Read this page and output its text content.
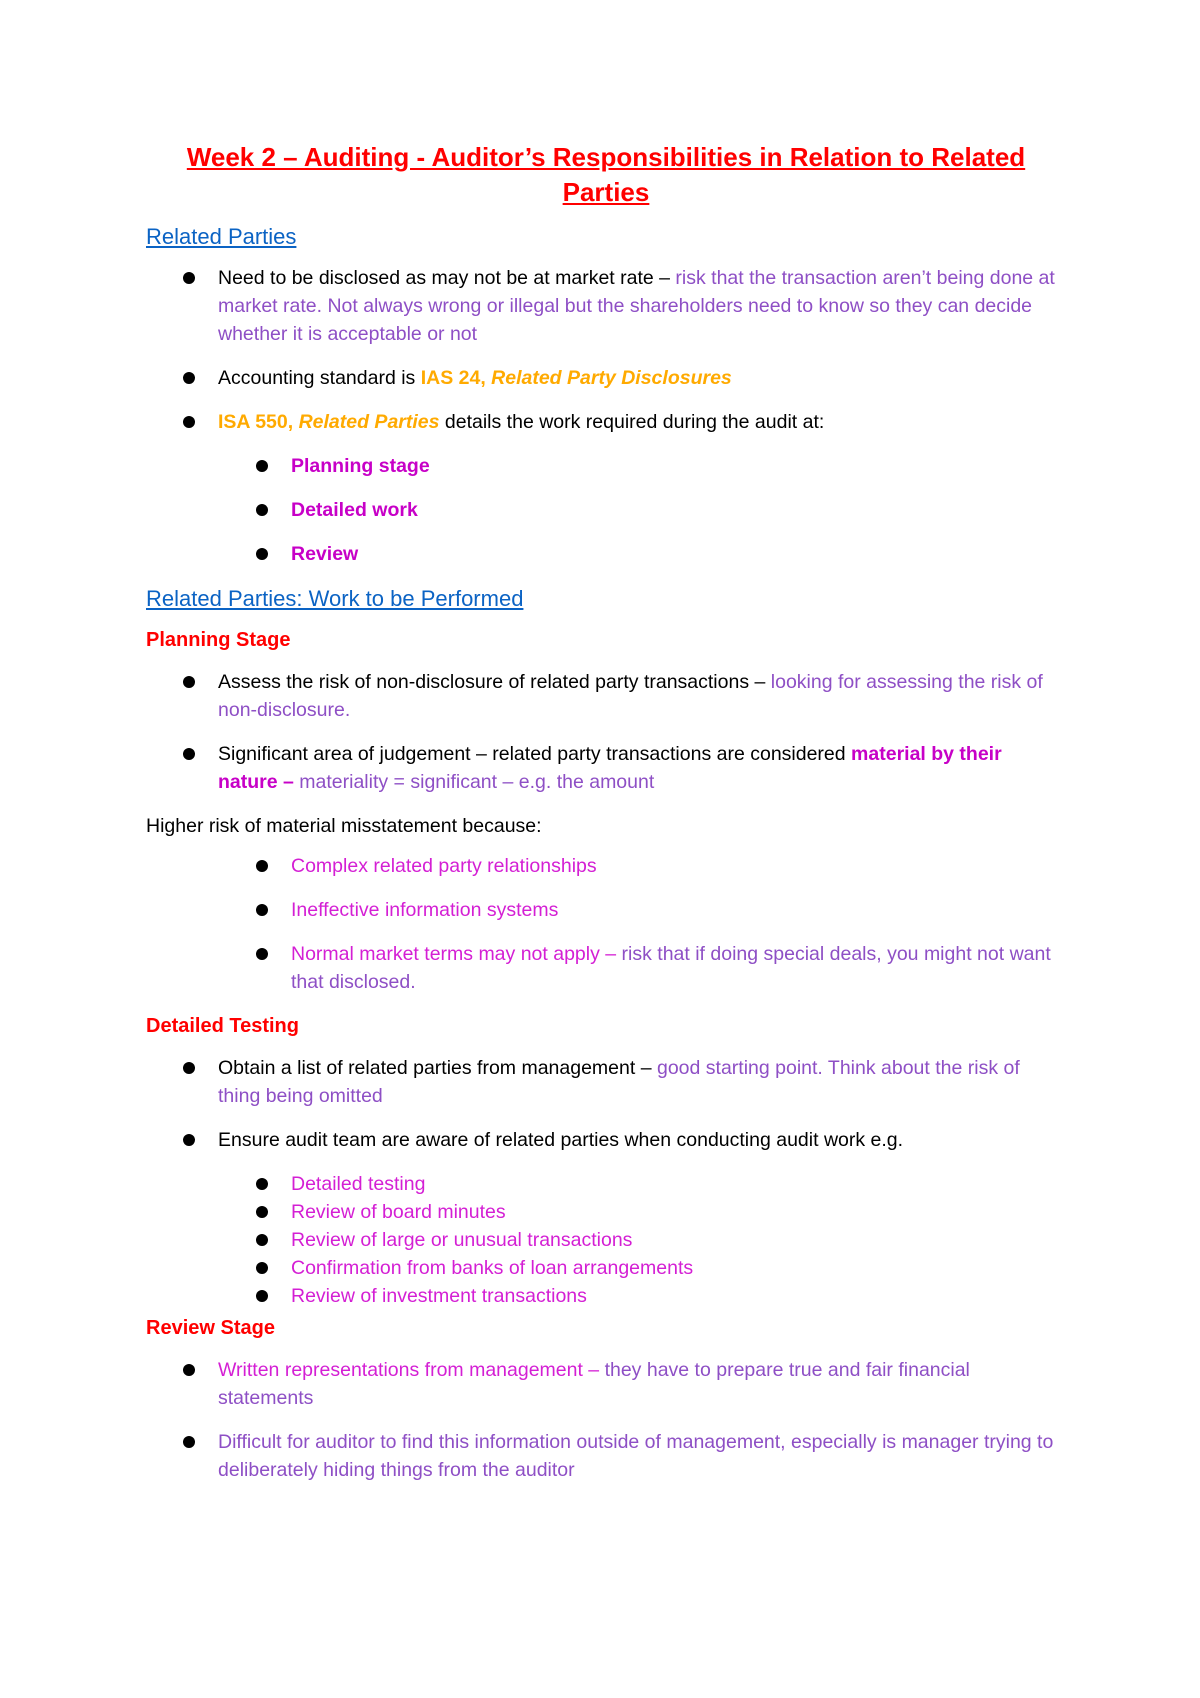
Week 2 – Auditing - Auditor’s Responsibilities in Relation to Related Parties
Related Parties
Need to be disclosed as may not be at market rate – risk that the transaction aren’t being done at market rate. Not always wrong or illegal but the shareholders need to know so they can decide whether it is acceptable or not
Accounting standard is IAS 24, Related Party Disclosures
ISA 550, Related Parties details the work required during the audit at:
Planning stage
Detailed work
Review
Related Parties: Work to be Performed
Planning Stage
Assess the risk of non-disclosure of related party transactions – looking for assessing the risk of non-disclosure.
Significant area of judgement – related party transactions are considered material by their nature – materiality = significant – e.g. the amount
Higher risk of material misstatement because:
Complex related party relationships
Ineffective information systems
Normal market terms may not apply – risk that if doing special deals, you might not want that disclosed.
Detailed Testing
Obtain a list of related parties from management – good starting point. Think about the risk of thing being omitted
Ensure audit team are aware of related parties when conducting audit work e.g.
Detailed testing
Review of board minutes
Review of large or unusual transactions
Confirmation from banks of loan arrangements
Review of investment transactions
Review Stage
Written representations from management – they have to prepare true and fair financial statements
Difficult for auditor to find this information outside of management, especially is manager trying to deliberately hiding things from the auditor
